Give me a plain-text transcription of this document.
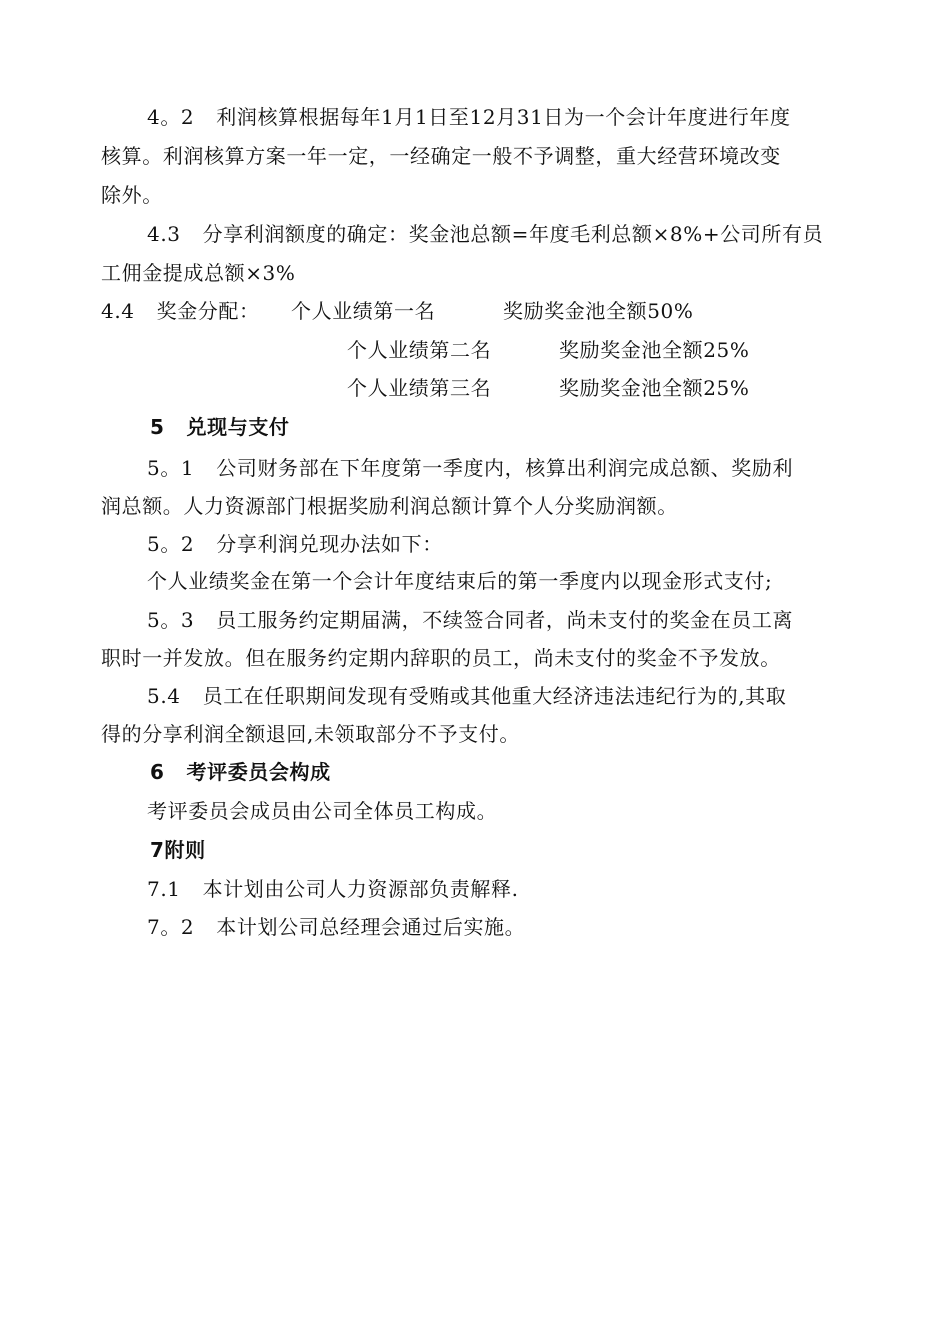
4。2 利润核算根据每年1月1日至12月31日为一个会计年度进行年度
核算。利润核算方案一年一定，一经确定一般不予调整，重大经营环境改变
除外。
4.3 分享利润额度的确定：奖金池总额=年度毛利总额×8%+公司所有员
工佣金提成总额×3%
4.4 奖金分配： 个人业绩第一名	奖励奖金池全额50%
个人业绩第二名	奖励奖金池全额25%
个人业绩第三名	奖励奖金池全额25%
5 兑现与支付
5。1 公司财务部在下年度第一季度内，核算出利润完成总额、奖励利
润总额。人力资源部门根据奖励利润总额计算个人分奖励润额。
5。2 分享利润兑现办法如下：
个人业绩奖金在第一个会计年度结束后的第一季度内以现金形式支付;
5。3 员工服务约定期届满，不续签合同者，尚未支付的奖金在员工离
职时一并发放。但在服务约定期内辞职的员工，尚未支付的奖金不予发放。
5.4 员工在任职期间发现有受贿或其他重大经济违法违纪行为的,其取
得的分享利润全额退回,未领取部分不予支付。
6 考评委员会构成
考评委员会成员由公司全体员工构成。
7附则
7.1 本计划由公司人力资源部负责解释.
7。2 本计划公司总经理会通过后实施。
